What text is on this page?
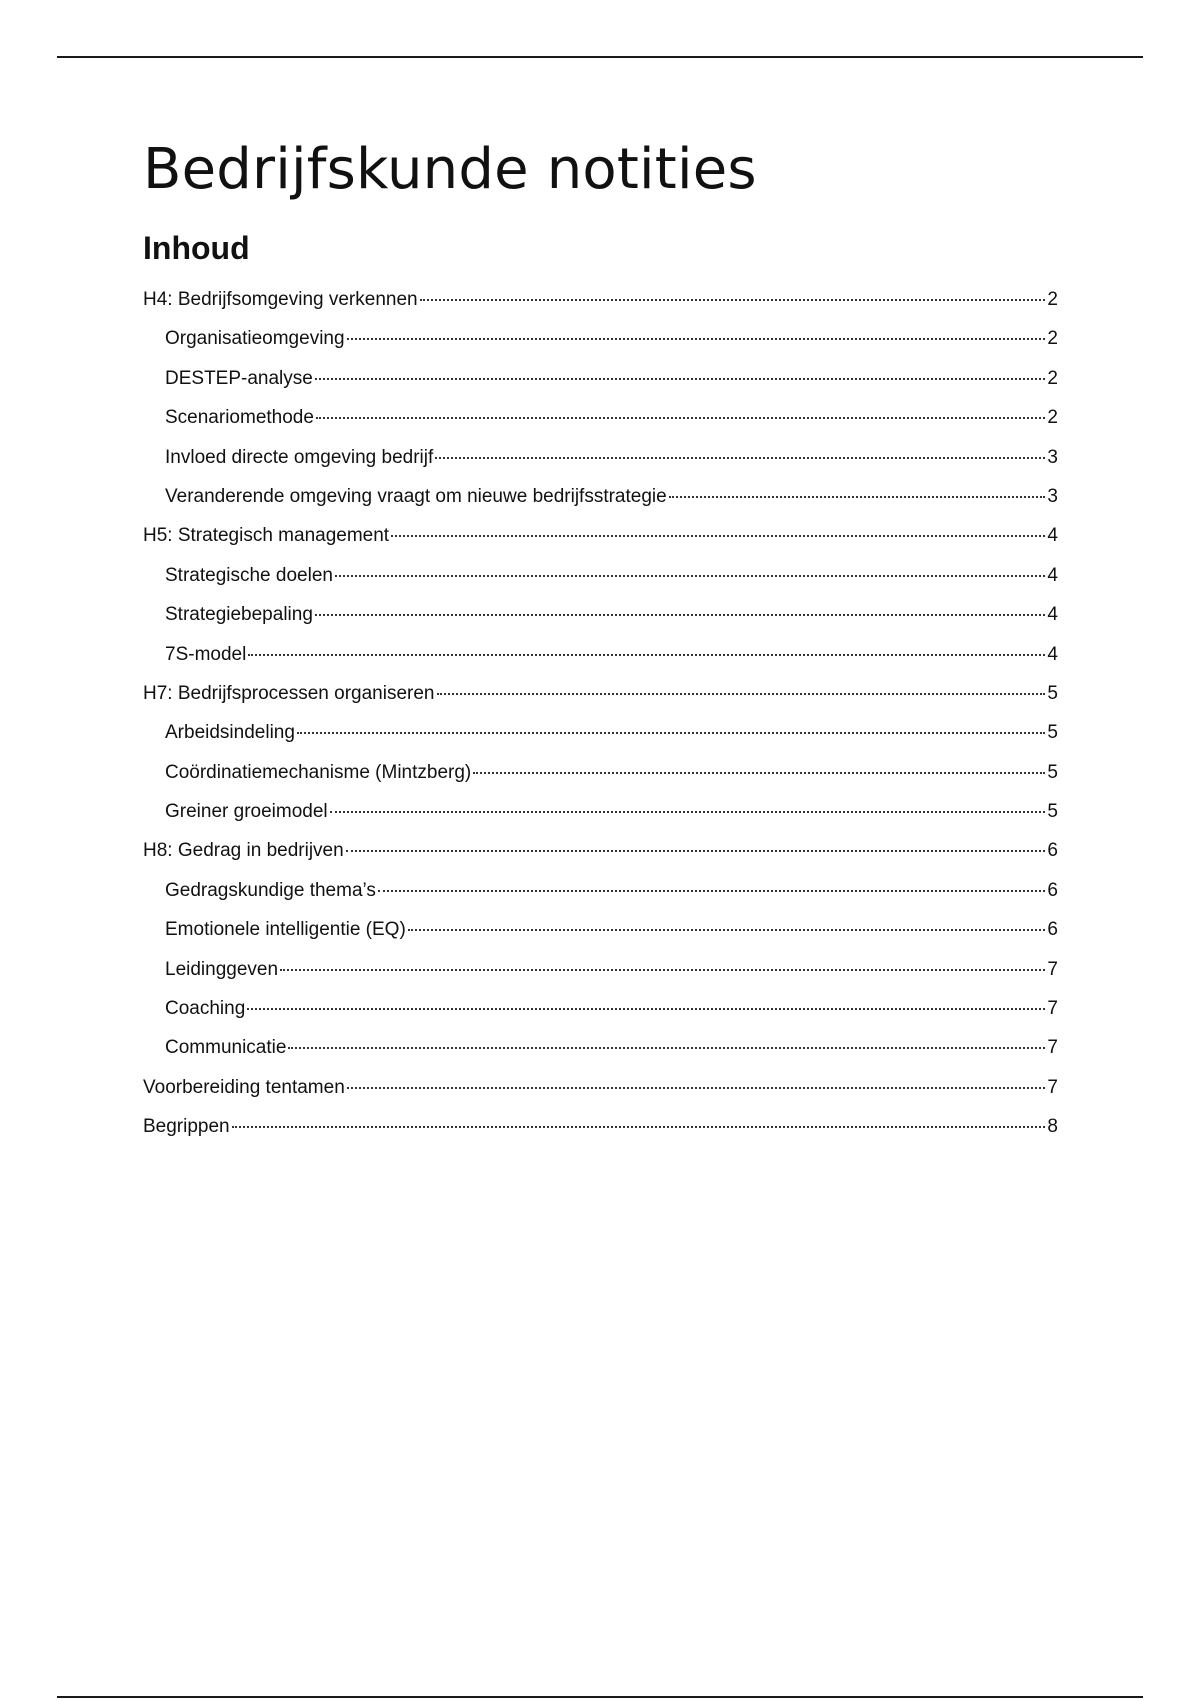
Bedrijfskunde notities
Inhoud
H4: Bedrijfsomgeving verkennen	2
Organisatieomgeving	2
DESTEP-analyse	2
Scenariomethode	2
Invloed directe omgeving bedrijf	3
Veranderende omgeving vraagt om nieuwe bedrijfsstrategie	3
H5: Strategisch management	4
Strategische doelen	4
Strategiebepaling	4
7S-model	4
H7: Bedrijfsprocessen organiseren	5
Arbeidsindeling	5
Coördinatiemechanisme (Mintzberg)	5
Greiner groeimodel	5
H8: Gedrag in bedrijven	6
Gedragskundige thema’s	6
Emotionele intelligentie (EQ)	6
Leidinggeven	7
Coaching	7
Communicatie	7
Voorbereiding tentamen	7
Begrippen	8
